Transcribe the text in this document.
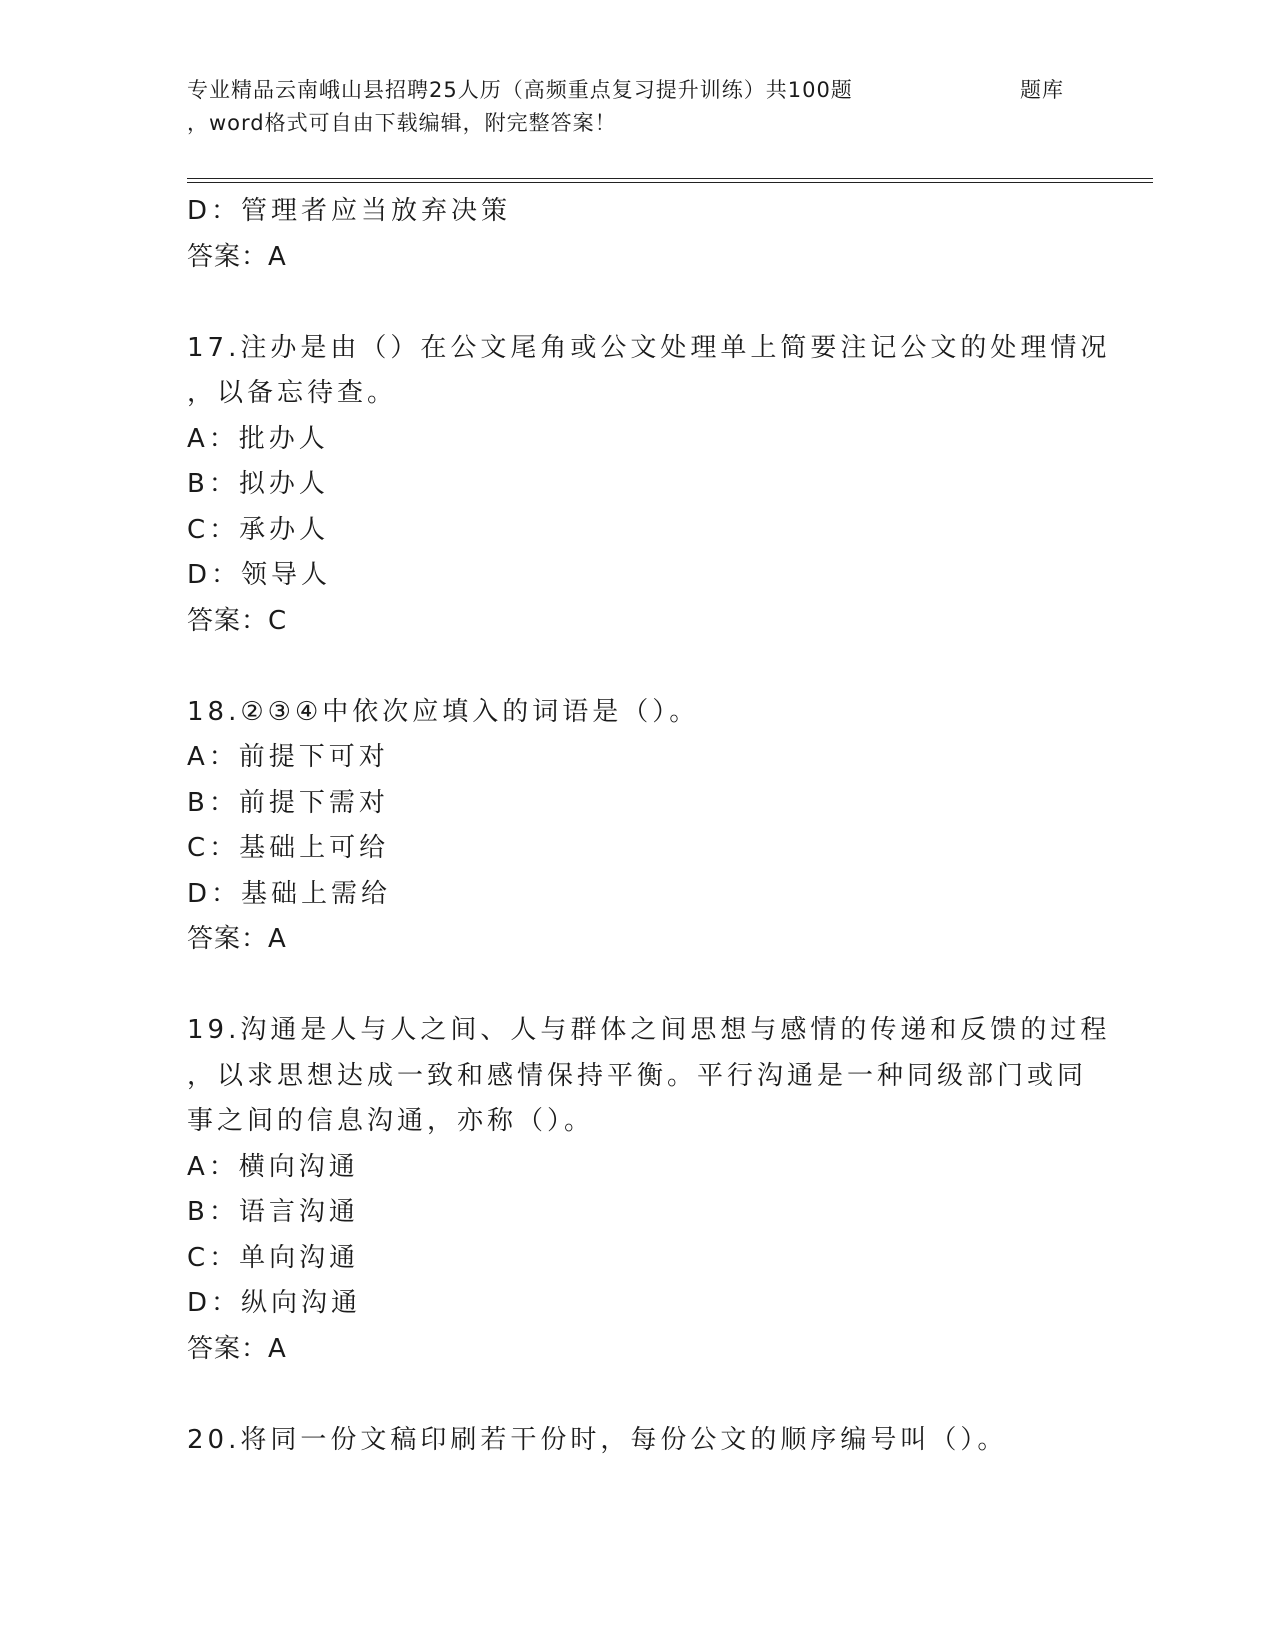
专业精品云南峨山县招聘25人历（高频重点复习提升训练）共100题	题库
，word格式可自由下载编辑，附完整答案！
D：管理者应当放弃决策
答案：A
17.注办是由（）在公文尾角或公文处理单上简要注记公文的处理情况
，以备忘待查。
A：批办人
B：拟办人
C：承办人
D：领导人
答案：C
18.②③④中依次应填入的词语是（）。
A：前提下可对
B：前提下需对
C：基础上可给
D：基础上需给
答案：A
19.沟通是人与人之间、人与群体之间思想与感情的传递和反馈的过程
，以求思想达成一致和感情保持平衡。平行沟通是一种同级部门或同
事之间的信息沟通，亦称（）。
A：横向沟通
B：语言沟通
C：单向沟通
D：纵向沟通
答案：A
20.将同一份文稿印刷若干份时，每份公文的顺序编号叫（）。
